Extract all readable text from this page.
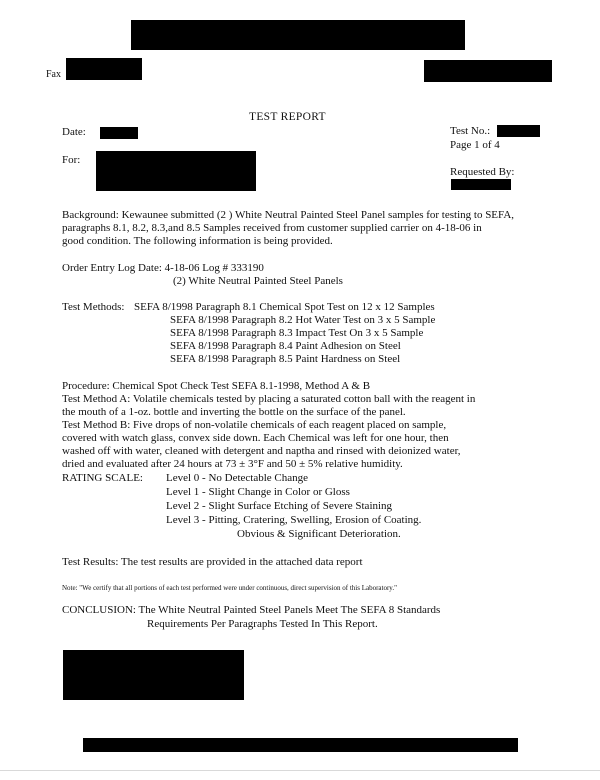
Fax
TEST REPORT
Date:
For:
Test No.:
Page 1 of 4
Requested By:
Background: Kewaunee submitted (2 ) White Neutral Painted Steel Panel samples for testing to SEFA,
paragraphs 8.1, 8.2, 8.3,and 8.5 Samples received from customer supplied carrier on 4-18-06 in
good condition. The following information is being provided.
Order Entry Log Date: 4-18-06 Log # 333190
(2) White Neutral Painted Steel Panels
Test Methods: SEFA 8/1998 Paragraph 8.1 Chemical Spot Test on 12 x 12 Samples
SEFA 8/1998 Paragraph 8.2 Hot Water Test on 3 x 5 Sample
SEFA 8/1998 Paragraph 8.3 Impact Test On 3 x 5 Sample
SEFA 8/1998 Paragraph 8.4 Paint Adhesion on Steel
SEFA 8/1998 Paragraph 8.5 Paint Hardness on Steel
Procedure: Chemical Spot Check Test SEFA 8.1-1998, Method A & B
Test Method A: Volatile chemicals tested by placing a saturated cotton ball with the reagent in
the mouth of a 1-oz. bottle and inverting the bottle on the surface of the panel.
Test Method B: Five drops of non-volatile chemicals of each reagent placed on sample,
covered with watch glass, convex side down. Each Chemical was left for one hour, then
washed off with water, cleaned with detergent and naptha and rinsed with deionized water,
dried and evaluated after 24 hours at 73 ± 3°F and 50 ± 5% relative humidity.
RATING SCALE: Level 0 - No Detectable Change
Level 1 - Slight Change in Color or Gloss
Level 2 - Slight Surface Etching of Severe Staining
Level 3 - Pitting, Cratering, Swelling, Erosion of Coating.
Obvious & Significant Deterioration.
Test Results: The test results are provided in the attached data report
Note: "We certify that all portions of each test performed were under continuous, direct supervision of this Laboratory."
CONCLUSION: The White Neutral Painted Steel Panels Meet The SEFA 8 Standards
Requirements Per Paragraphs Tested In This Report.
